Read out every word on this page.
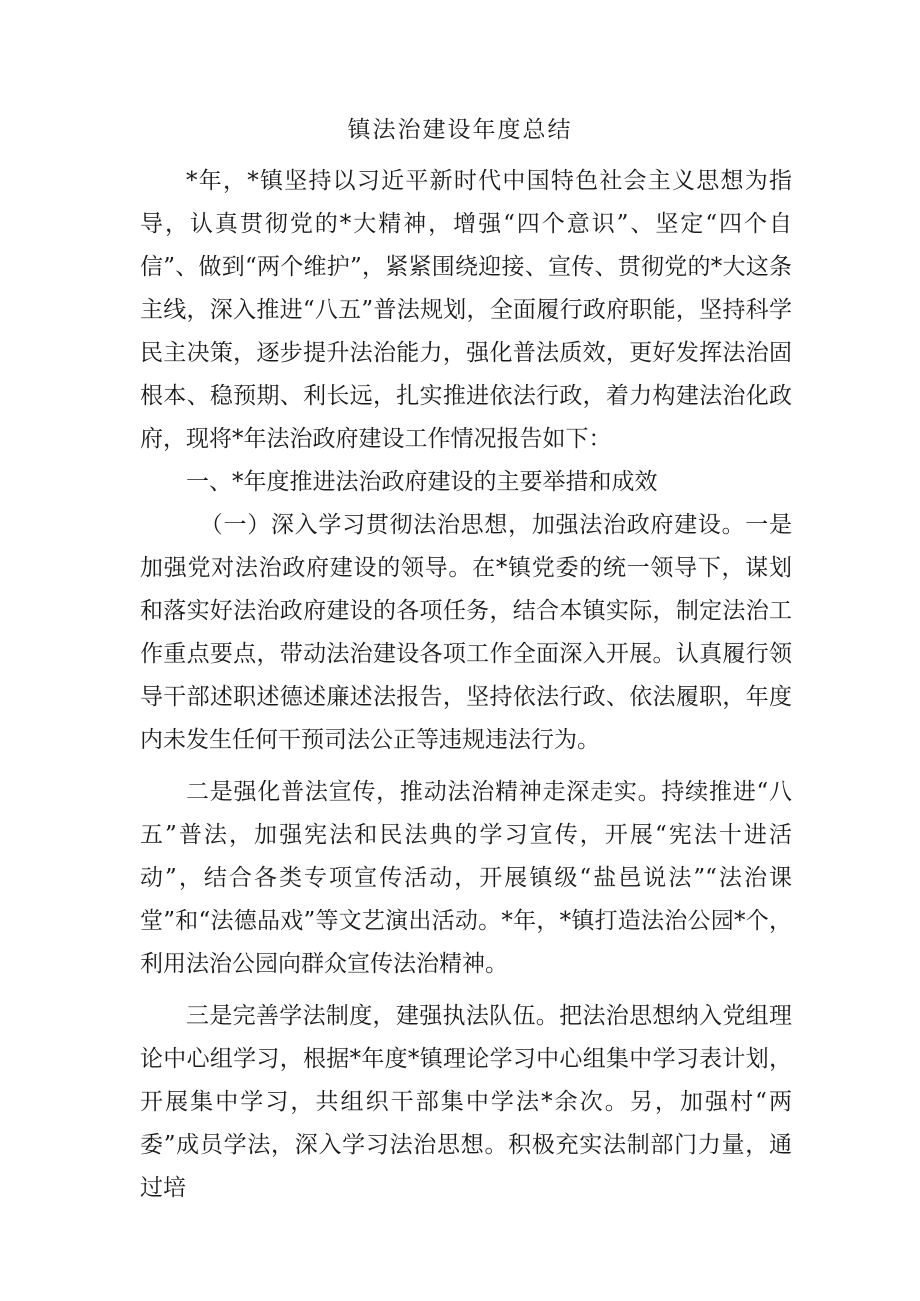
镇法治建设年度总结

*年，*镇坚持以习近平新时代中国特色社会主义思想为指导，认真贯彻党的*大精神，增强“四个意识”、坚定“四个自信”、做到“两个维护”，紧紧围绕迎接、宣传、贯彻党的*大这条主线，深入推进“八五”普法规划，全面履行政府职能，坚持科学民主决策，逐步提升法治能力，强化普法质效，更好发挥法治固根本、稳预期、利长远，扎实推进依法行政，着力构建法治化政府，现将*年法治政府建设工作情况报告如下：

一、*年度推进法治政府建设的主要举措和成效

（一）深入学习贯彻法治思想，加强法治政府建设。一是加强党对法治政府建设的领导。在*镇党委的统一领导下，谋划和落实好法治政府建设的各项任务，结合本镇实际，制定法治工作重点要点，带动法治建设各项工作全面深入开展。认真履行领导干部述职述德述廉述法报告，坚持依法行政、依法履职，年度内未发生任何干预司法公正等违规违法行为。

二是强化普法宣传，推动法治精神走深走实。持续推进“八五”普法，加强宪法和民法典的学习宣传，开展“宪法十进活动”，结合各类专项宣传活动，开展镇级“盐邑说法”“法治课堂”和“法德品戏”等文艺演出活动。*年，*镇打造法治公园*个，利用法治公园向群众宣传法治精神。

三是完善学法制度，建强执法队伍。把法治思想纳入党组理论中心组学习，根据*年度*镇理论学习中心组集中学习表计划，开展集中学习，共组织干部集中学法*余次。另，加强村“两委”成员学法，深入学习法治思想。积极充实法制部门力量，通过培
